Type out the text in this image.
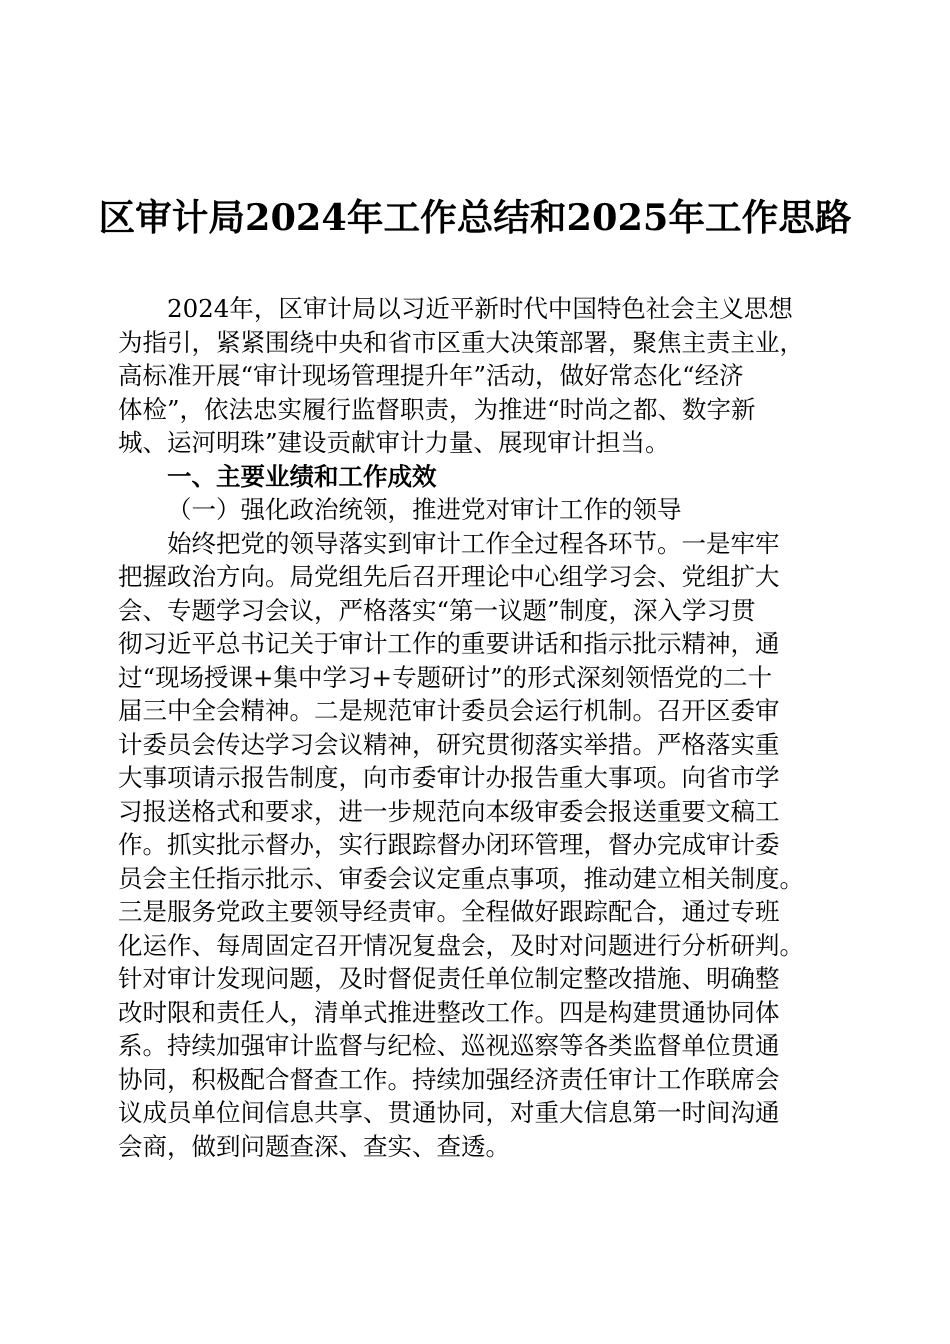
区审计局2024年工作总结和2025年工作思路

2024年，区审计局以习近平新时代中国特色社会主义思想
为指引，紧紧围绕中央和省市区重大决策部署，聚焦主责主业，
高标准开展“审计现场管理提升年”活动，做好常态化“经济
体检”，依法忠实履行监督职责，为推进“时尚之都、数字新
城、运河明珠”建设贡献审计力量、展现审计担当。

一、主要业绩和工作成效

（一）强化政治统领，推进党对审计工作的领导

始终把党的领导落实到审计工作全过程各环节。一是牢牢
把握政治方向。局党组先后召开理论中心组学习会、党组扩大
会、专题学习会议，严格落实“第一议题”制度，深入学习贯
彻习近平总书记关于审计工作的重要讲话和指示批示精神，通
过“现场授课+集中学习+专题研讨”的形式深刻领悟党的二十
届三中全会精神。二是规范审计委员会运行机制。召开区委审
计委员会传达学习会议精神，研究贯彻落实举措。严格落实重
大事项请示报告制度，向市委审计办报告重大事项。向省市学
习报送格式和要求，进一步规范向本级审委会报送重要文稿工
作。抓实批示督办，实行跟踪督办闭环管理，督办完成审计委
员会主任指示批示、审委会议定重点事项，推动建立相关制度。
三是服务党政主要领导经责审。全程做好跟踪配合，通过专班
化运作、每周固定召开情况复盘会，及时对问题进行分析研判。
针对审计发现问题，及时督促责任单位制定整改措施、明确整
改时限和责任人，清单式推进整改工作。四是构建贯通协同体
系。持续加强审计监督与纪检、巡视巡察等各类监督单位贯通
协同，积极配合督查工作。持续加强经济责任审计工作联席会
议成员单位间信息共享、贯通协同，对重大信息第一时间沟通
会商，做到问题查深、查实、查透。
